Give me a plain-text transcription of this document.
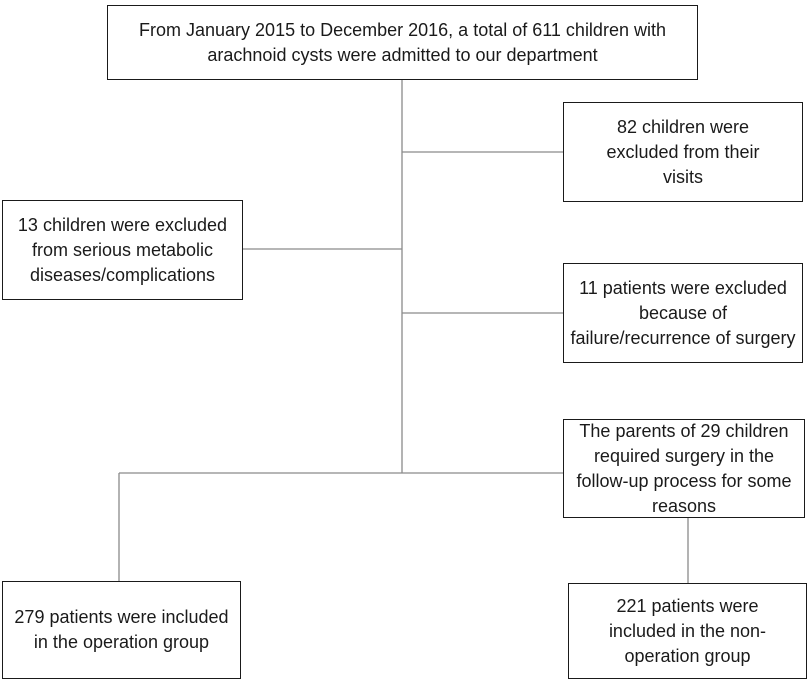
From January 2015 to December 2016, a total of 611 children with arachnoid cysts were admitted to our department
82 children were excluded from their visits
13 children were excluded from serious metabolic diseases/complications
11 patients were excluded because of failure/recurrence of surgery
The parents of 29 children required surgery in the follow-up process for some reasons
279 patients were included in the operation group
221 patients were included in the non-operation group
